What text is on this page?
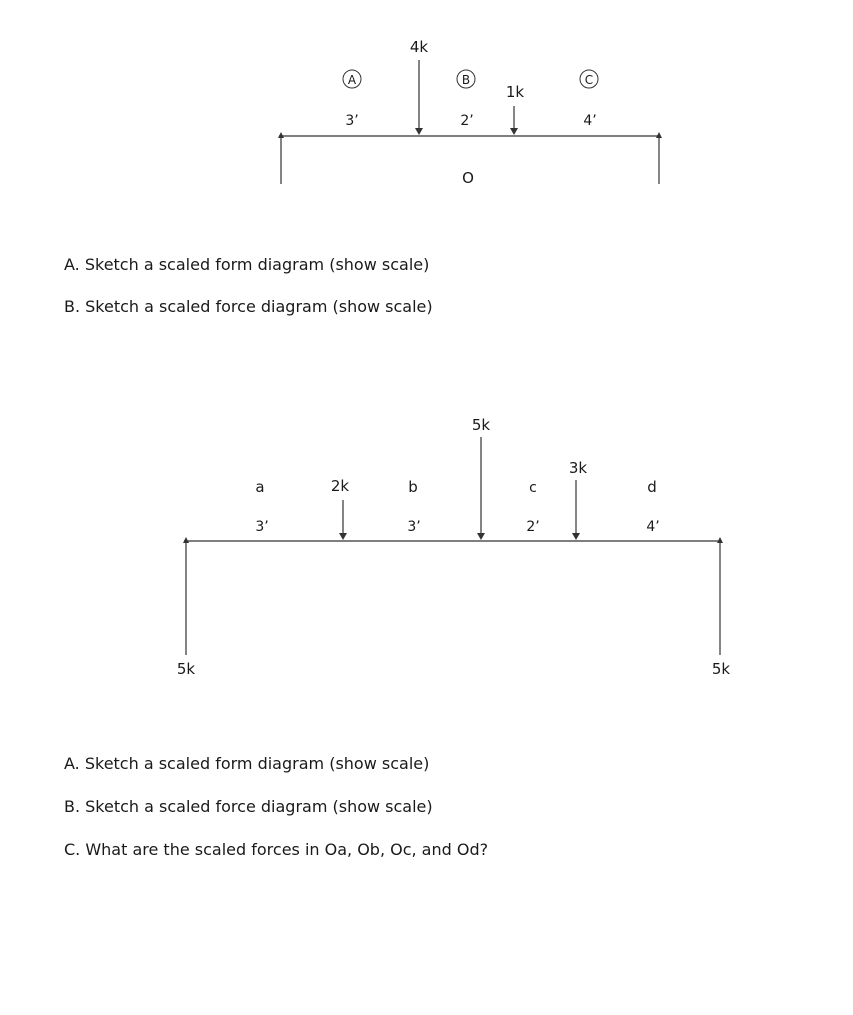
4k
1k
A	B	C
3’	2’	4’
O
5k	5k
2k
5k
3k
a	b	c	d
3’	3’	2’	4’
A. Sketch a scaled form diagram (show scale)
B. Sketch a scaled force diagram (show scale)
A. Sketch a scaled form diagram (show scale)
B. Sketch a scaled force diagram (show scale)
C. What are the scaled forces in Oa, Ob, Oc, and Od?
